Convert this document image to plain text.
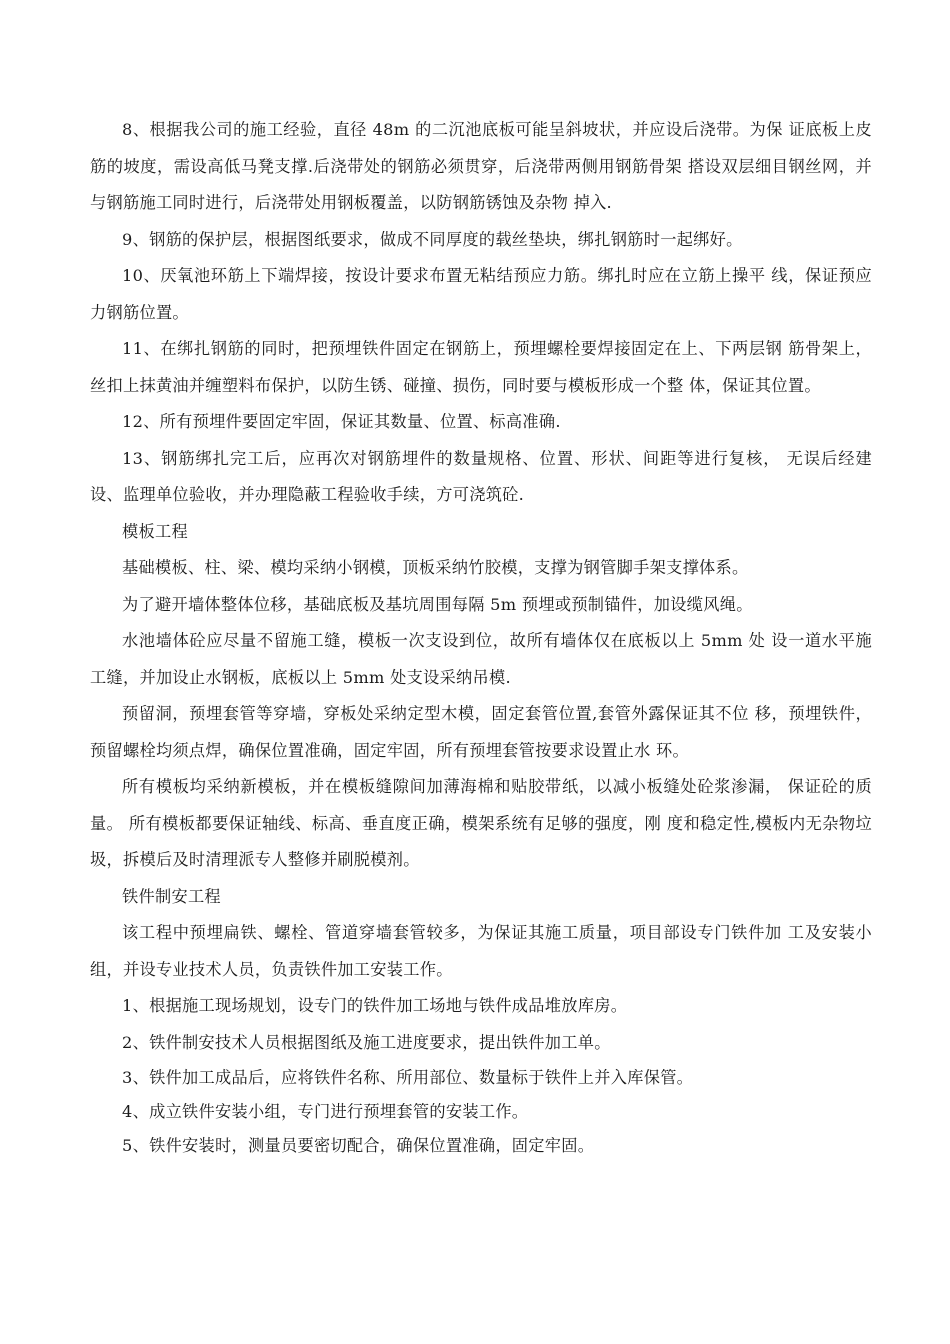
8、根据我公司的施工经验，直径 48m 的二沉池底板可能呈斜坡状，并应设后浇带。为保 证底板上皮筋的坡度，需设高低马凳支撑.后浇带处的钢筋必须贯穿，后浇带两侧用钢筋骨架 搭设双层细目钢丝网，并与钢筋施工同时进行，后浇带处用钢板覆盖，以防钢筋锈蚀及杂物 掉入.

9、钢筋的保护层，根据图纸要求，做成不同厚度的载丝垫块，绑扎钢筋时一起绑好。

10、厌氧池环筋上下端焊接，按设计要求布置无粘结预应力筋。绑扎时应在立筋上操平 线，保证预应力钢筋位置。

11、在绑扎钢筋的同时，把预埋铁件固定在钢筋上，预埋螺栓要焊接固定在上、下两层钢 筋骨架上，丝扣上抹黄油并缠塑料布保护，以防生锈、碰撞、损伤，同时要与模板形成一个整 体，保证其位置。

12、所有预埋件要固定牢固，保证其数量、位置、标高准确.

13、钢筋绑扎完工后，应再次对钢筋埋件的数量规格、位置、形状、间距等进行复核， 无误后经建设、监理单位验收，并办理隐蔽工程验收手续，方可浇筑砼.

模板工程

基础模板、柱、梁、模均采纳小钢模，顶板采纳竹胶模，支撑为钢管脚手架支撑体系。

为了避开墙体整体位移，基础底板及基坑周围每隔 5m 预埋或预制锚件，加设缆风绳。

水池墙体砼应尽量不留施工缝，模板一次支设到位，故所有墙体仅在底板以上 5mm 处 设一道水平施工缝，并加设止水钢板，底板以上 5mm 处支设采纳吊模.

预留洞，预埋套管等穿墙，穿板处采纳定型木模，固定套管位置,套管外露保证其不位 移，预埋铁件，预留螺栓均须点焊，确保位置准确，固定牢固，所有预埋套管按要求设置止水 环。

所有模板均采纳新模板，并在模板缝隙间加薄海棉和贴胶带纸，以减小板缝处砼浆渗漏， 保证砼的质量。 所有模板都要保证轴线、标高、垂直度正确，模架系统有足够的强度，刚 度和稳定性,模板内无杂物垃圾，拆模后及时清理派专人整修并刷脱模剂。

铁件制安工程

该工程中预埋扁铁、螺栓、管道穿墙套管较多，为保证其施工质量，项目部设专门铁件加 工及安装小组，并设专业技术人员，负责铁件加工安装工作。

1、根据施工现场规划，设专门的铁件加工场地与铁件成品堆放库房。

2、铁件制安技术人员根据图纸及施工进度要求，提出铁件加工单。

3、铁件加工成品后，应将铁件名称、所用部位、数量标于铁件上并入库保管。

4、成立铁件安装小组，专门进行预埋套管的安装工作。

5、铁件安装时，测量员要密切配合，确保位置准确，固定牢固。
